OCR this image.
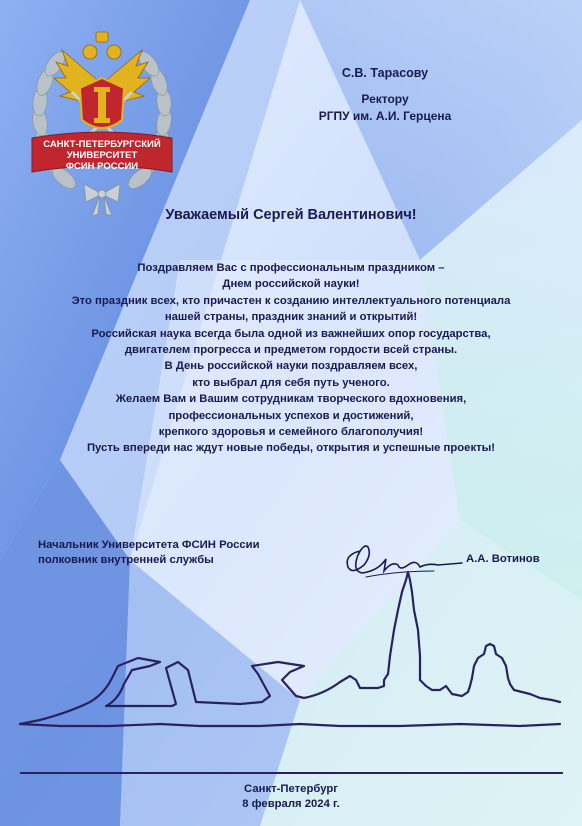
САНКТ-ПЕТЕРБУРГСКИЙ
УНИВЕРСИТЕТ
ФСИН РОССИИ
С.В. Тарасову
Ректору
РГПУ им. А.И. Герцена
Уважаемый Сергей Валентинович!
Поздравляем Вас с профессиональным праздником –
Днем российской науки!
Это праздник всех, кто причастен к созданию интеллектуального потенциала
нашей страны, праздник знаний и открытий!
Российская наука всегда была одной из важнейших опор государства,
двигателем прогресса и предметом гордости всей страны.
В День российской науки поздравляем всех,
кто выбрал для себя путь ученого.
Желаем Вам и Вашим сотрудникам творческого вдохновения,
профессиональных успехов и достижений,
крепкого здоровья и семейного благополучия!
Пусть впереди нас ждут новые победы, открытия и успешные проекты!
Начальник Университета ФСИН России
полковник внутренней службы	А.А. Вотинов
Санкт-Петербург
8 февраля 2024 г.
